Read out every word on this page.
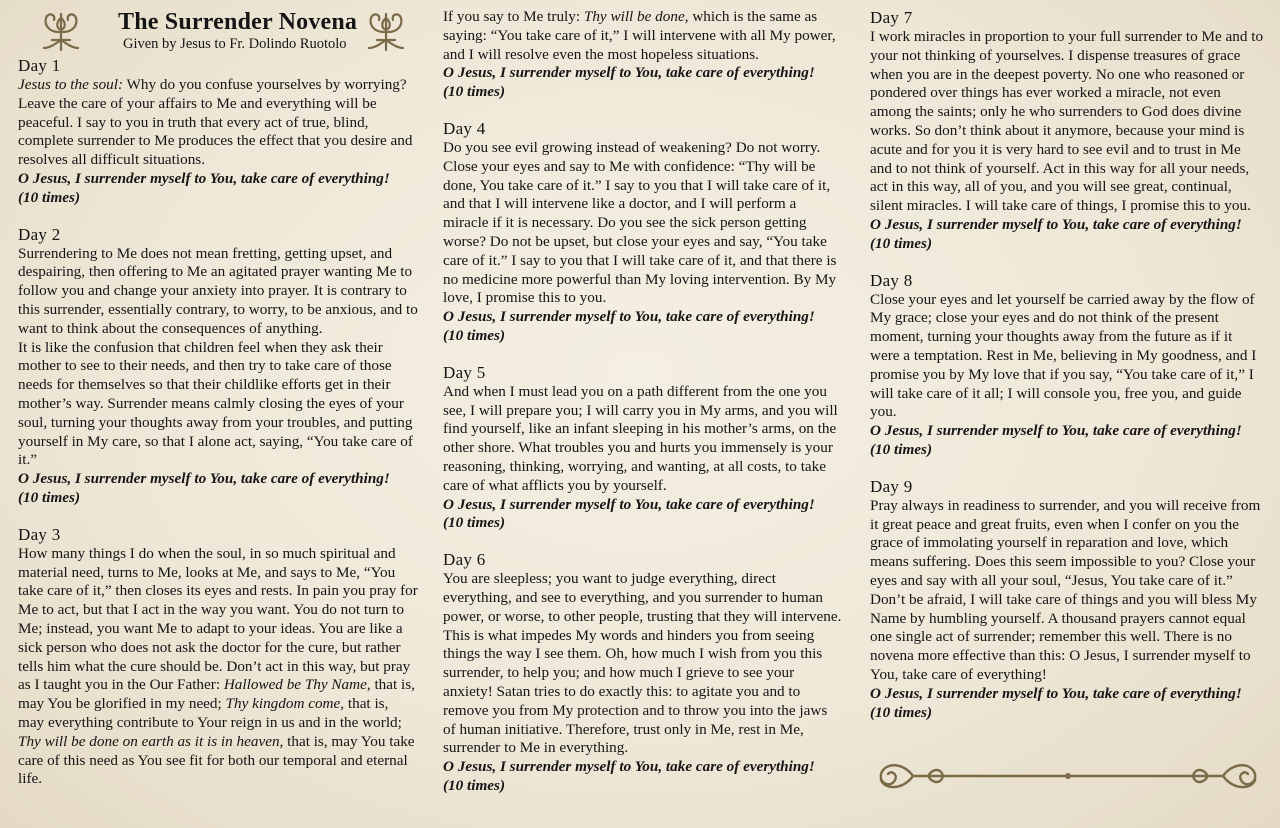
The Surrender Novena
Given by Jesus to Fr. Dolindo Ruotolo
Day 1

Jesus to the soul: Why do you confuse yourselves by worrying? Leave the care of your affairs to Me and everything will be peaceful. I say to you in truth that every act of true, blind, complete surrender to Me produces the effect that you desire and resolves all difficult situations.

O Jesus, I surrender myself to You, take care of everything!

(10 times)

Day 2

Surrendering to Me does not mean fretting, getting upset, and despairing, then offering to Me an agitated prayer wanting Me to follow you and change your anxiety into prayer. It is contrary to this surrender, essentially contrary, to worry, to be anxious, and to want to think about the consequences of anything.

It is like the confusion that children feel when they ask their mother to see to their needs, and then try to take care of those needs for themselves so that their childlike efforts get in their mother’s way. Surrender means calmly closing the eyes of your soul, turning your thoughts away from your troubles, and putting yourself in My care, so that I alone act, saying, “You take care of it.”

O Jesus, I surrender myself to You, take care of everything!

(10 times)

Day 3

How many things I do when the soul, in so much spiritual and material need, turns to Me, looks at Me, and says to Me, “You take care of it,” then closes its eyes and rests. In pain you pray for Me to act, but that I act in the way you want. You do not turn to Me; instead, you want Me to adapt to your ideas. You are like a sick person who does not ask the doctor for the cure, but rather tells him what the cure should be. Don’t act in this way, but pray as I taught you in the Our Father: Hallowed be Thy Name, that is, may You be glorified in my need; Thy kingdom come, that is, may everything contribute to Your reign in us and in the world; Thy will be done on earth as it is in heaven, that is, may You take care of this need as You see fit for both our temporal and eternal life.

If you say to Me truly: Thy will be done, which is the same as saying: “You take care of it,” I will intervene with all My power, and I will resolve even the most hopeless situations.

O Jesus, I surrender myself to You, take care of everything!

(10 times)

Day 4

Do you see evil growing instead of weakening? Do not worry. Close your eyes and say to Me with confidence: “Thy will be done, You take care of it.” I say to you that I will take care of it, and that I will intervene like a doctor, and I will perform a miracle if it is necessary. Do you see the sick person getting worse? Do not be upset, but close your eyes and say, “You take care of it.” I say to you that I will take care of it, and that there is no medicine more powerful than My loving intervention. By My love, I promise this to you.

O Jesus, I surrender myself to You, take care of everything!

(10 times)

Day 5

And when I must lead you on a path different from the one you see, I will prepare you; I will carry you in My arms, and you will find yourself, like an infant sleeping in his mother’s arms, on the other shore. What troubles you and hurts you immensely is your reasoning, thinking, worrying, and wanting, at all costs, to take care of what afflicts you by yourself.

O Jesus, I surrender myself to You, take care of everything!

(10 times)

Day 6

You are sleepless; you want to judge everything, direct everything, and see to everything, and you surrender to human power, or worse, to other people, trusting that they will intervene. This is what impedes My words and hinders you from seeing things the way I see them. Oh, how much I wish from you this surrender, to help you; and how much I grieve to see your anxiety! Satan tries to do exactly this: to agitate you and to remove you from My protection and to throw you into the jaws of human initiative. Therefore, trust only in Me, rest in Me, surrender to Me in everything.

O Jesus, I surrender myself to You, take care of everything!

(10 times)

Day 7

I work miracles in proportion to your full surrender to Me and to your not thinking of yourselves. I dispense treasures of grace when you are in the deepest poverty. No one who reasoned or pondered over things has ever worked a miracle, not even among the saints; only he who surrenders to God does divine works. So don’t think about it anymore, because your mind is acute and for you it is very hard to see evil and to trust in Me and to not think of yourself. Act in this way for all your needs, act in this way, all of you, and you will see great, continual, silent miracles. I will take care of things, I promise this to you.

O Jesus, I surrender myself to You, take care of everything!

(10 times)

Day 8

Close your eyes and let yourself be carried away by the flow of My grace; close your eyes and do not think of the present moment, turning your thoughts away from the future as if it were a temptation. Rest in Me, believing in My goodness, and I promise you by My love that if you say, “You take care of it,” I will take care of it all; I will console you, free you, and guide you.

O Jesus, I surrender myself to You, take care of everything!

(10 times)

Day 9

Pray always in readiness to surrender, and you will receive from it great peace and great fruits, even when I confer on you the grace of immolating yourself in reparation and love, which means suffering. Does this seem impossible to you? Close your eyes and say with all your soul, “Jesus, You take care of it.” Don’t be afraid, I will take care of things and you will bless My Name by humbling yourself. A thousand prayers cannot equal one single act of surrender; remember this well. There is no novena more effective than this: O Jesus, I surrender myself to You, take care of everything!

O Jesus, I surrender myself to You, take care of everything!

(10 times)
